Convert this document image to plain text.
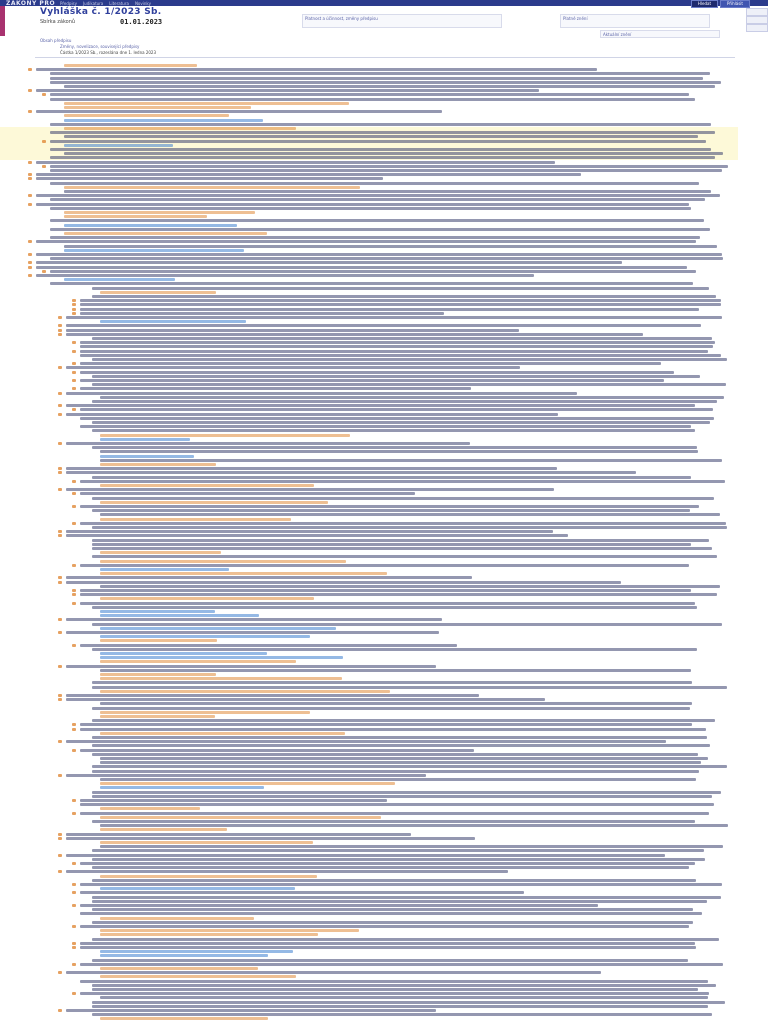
ZÁKONY PRO Předpisy Judikatura Literatura Novinky	Hledat	Přihlásit
Vyhláška č. 1/2023 Sb.
Sbírka zákonů	01.01.2023	Platnost a účinnost, změny předpisu	Platné znění
Aktuální znění
Obsah předpisu
Změny, novelizace, související předpisy
Částka 1/2023 Sb., rozeslána dne 1. ledna 2023
